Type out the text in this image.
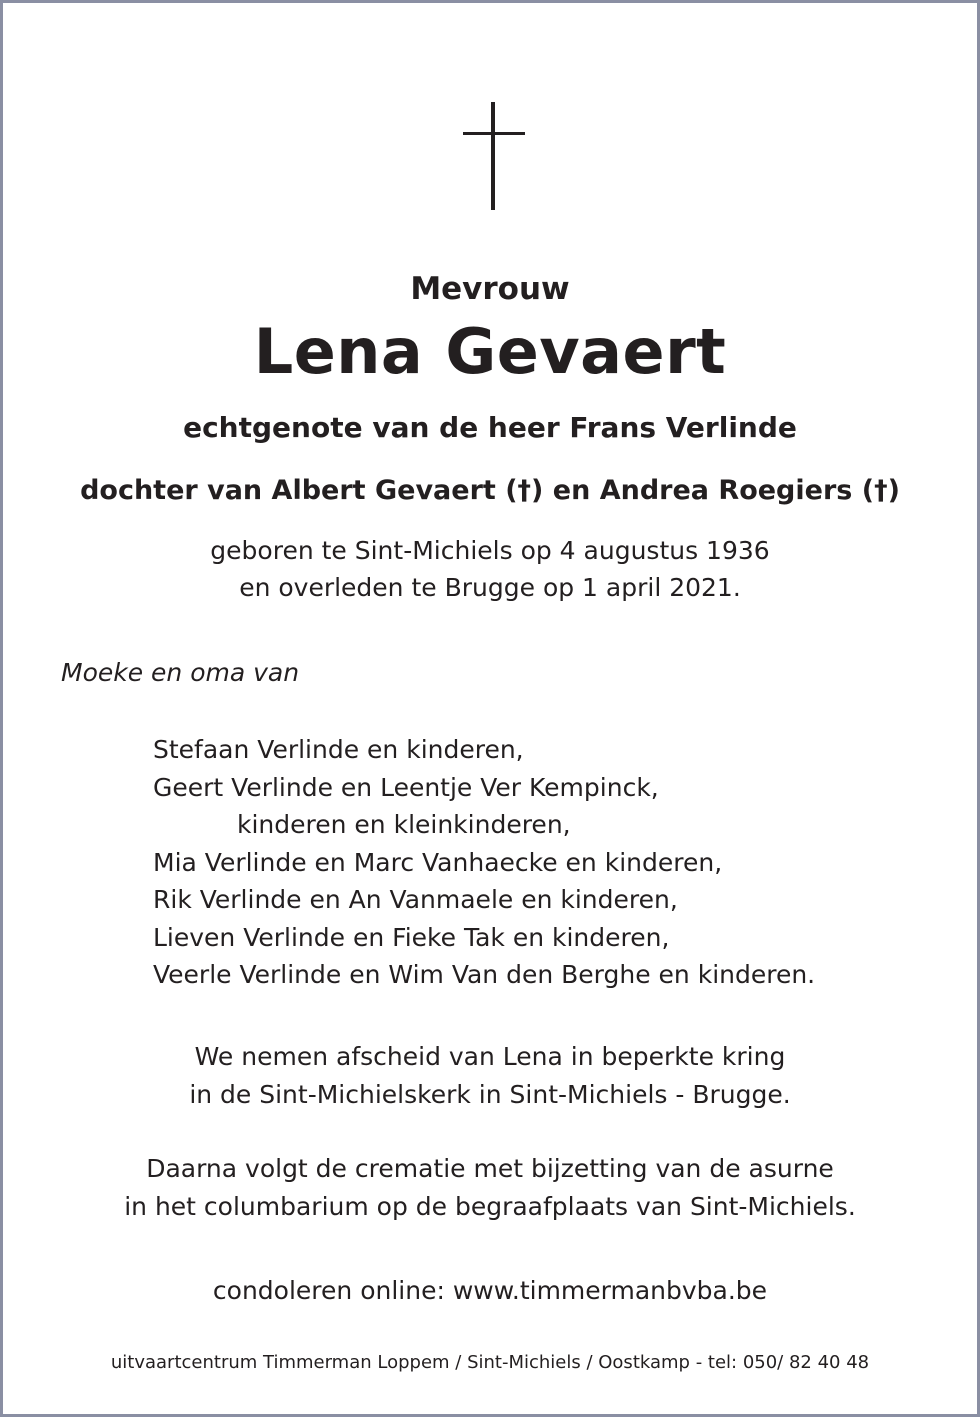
Mevrouw
Lena Gevaert
echtgenote van de heer Frans Verlinde
dochter van Albert Gevaert (†) en Andrea Roegiers (†)
geboren te Sint-Michiels op 4 augustus 1936
en overleden te Brugge op 1 april 2021.
Moeke en oma van
Stefaan Verlinde en kinderen,
Geert Verlinde en Leentje Ver Kempinck,
kinderen en kleinkinderen,
Mia Verlinde en Marc Vanhaecke en kinderen,
Rik Verlinde en An Vanmaele en kinderen,
Lieven Verlinde en Fieke Tak en kinderen,
Veerle Verlinde en Wim Van den Berghe en kinderen.
We nemen afscheid van Lena in beperkte kring
in de Sint-Michielskerk in Sint-Michiels - Brugge.
Daarna volgt de crematie met bijzetting van de asurne
in het columbarium op de begraafplaats van Sint-Michiels.
condoleren online: www.timmermanbvba.be
uitvaartcentrum Timmerman Loppem / Sint-Michiels / Oostkamp - tel: 050/ 82 40 48
